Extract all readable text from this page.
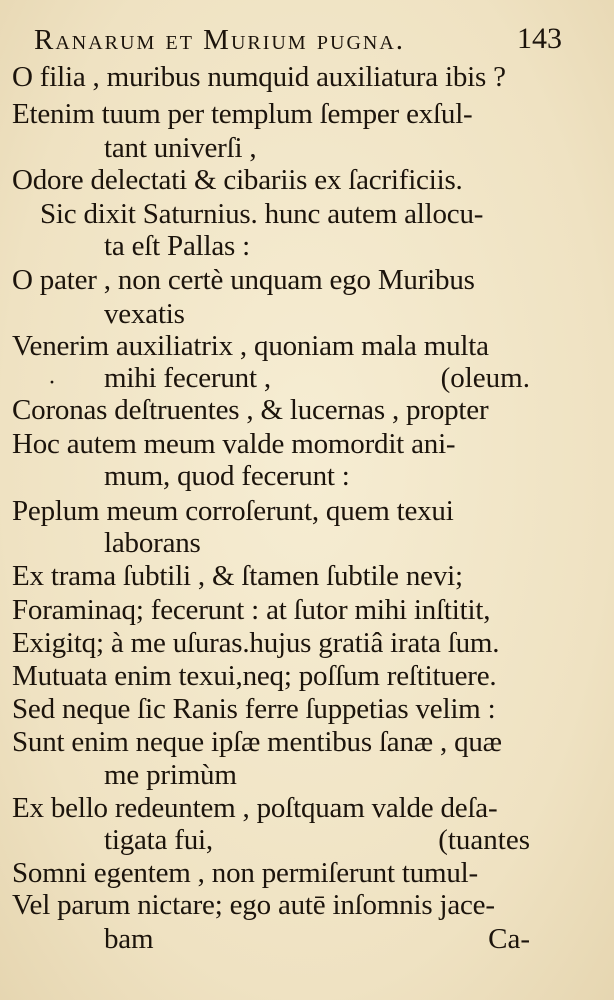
Ranarum et Murium pugna.	143
O filia , muribus numquid auxiliatura ibis ?
Etenim tuum per templum ſemper exſul-
tant univerſi ,
Odore delectati & cibariis ex ſacrificiis.
Sic dixit Saturnius. hunc autem allocu-
ta eſt Pallas :
O pater , non certè unquam ego Muribus
vexatis
Venerim auxiliatrix , quoniam mala multa
· mihi fecerunt ,	(oleum.
Coronas deſtruentes , & lucernas , propter
Hoc autem meum valde momordit ani-
mum, quod fecerunt :
Peplum meum corroſerunt, quem texui
laborans
Ex trama ſubtili , & ſtamen ſubtile nevi;
Foraminaq; fecerunt : at ſutor mihi inſtitit,
Exigitq; à me uſuras.hujus gratiâ irata ſum.
Mutuata enim texui,neq; poſſum reſtituere.
Sed neque ſic Ranis ferre ſuppetias velim :
Sunt enim neque ipſæ mentibus ſanæ , quæ
me primùm
Ex bello redeuntem , poſtquam valde deſa-
tigata fui,	(tuantes
Somni egentem , non permiſerunt tumul-
Vel parum nictare; ego autē inſomnis jace-
bam	Ca-
